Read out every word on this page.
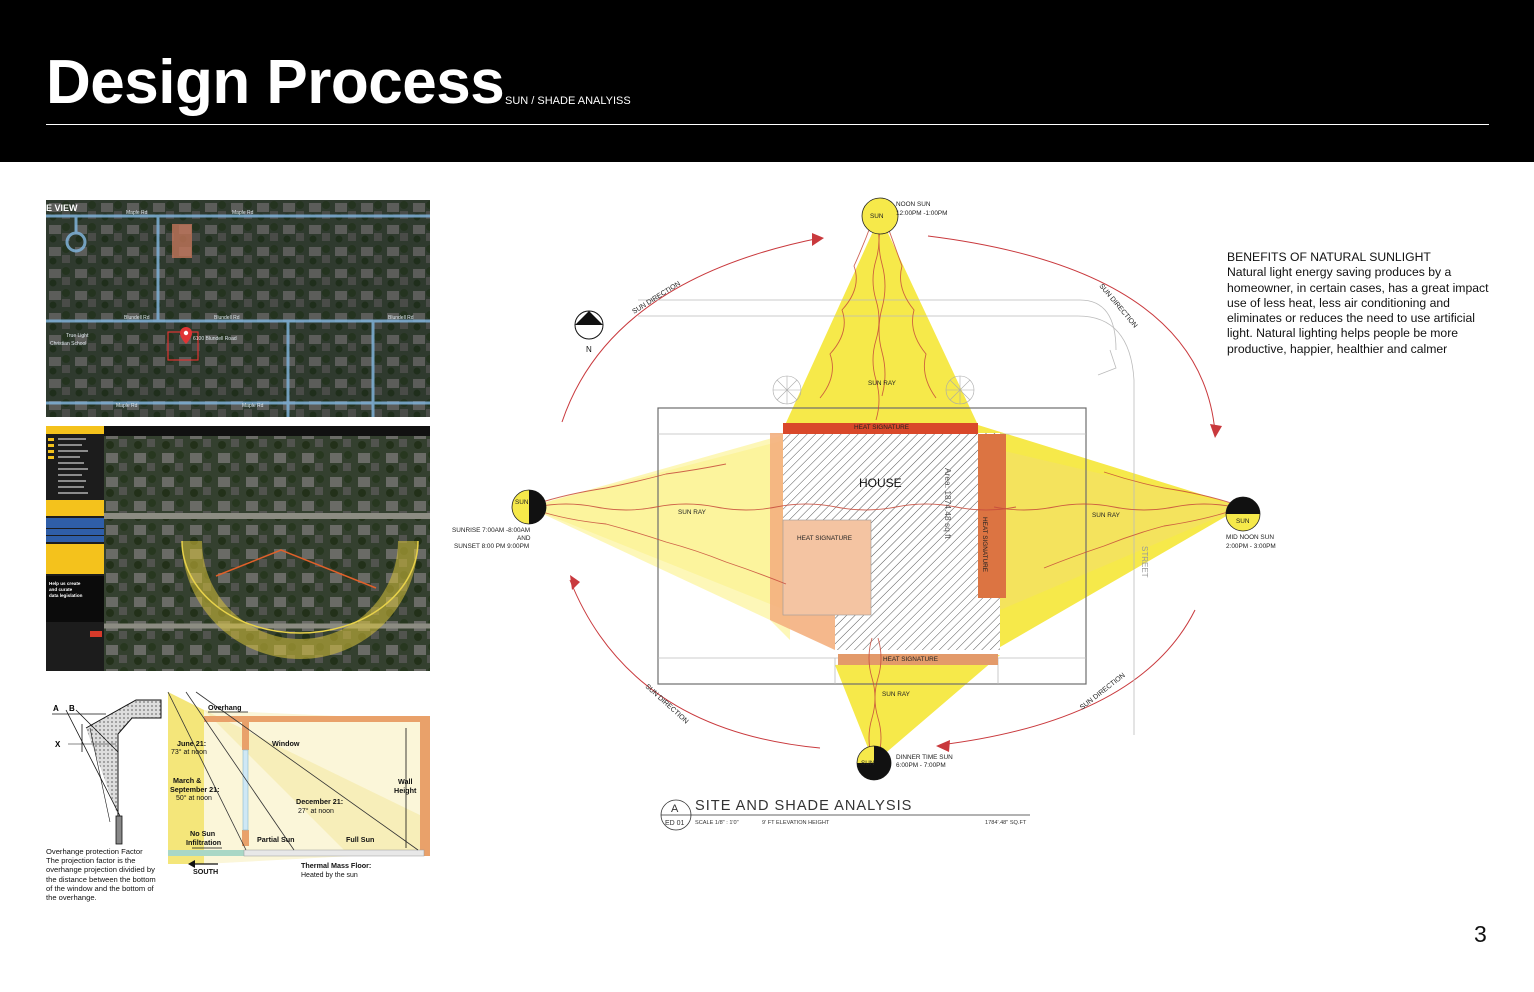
Design Process SUN / SHADE ANALYISS
E VIEW
True Light
Christian School
6100 Blundell Road
Blundell Rd	Blundell Rd	Blundell Rd
Maple Rd	Maple Rd
Maple Rd	Maple Rd
Help us create
and curate
data legislation
A B
X
Overhang
Window
June 21:
March &
September 21:
December 21:
Wall
Height
No Sun
Infiltration	Partial Sun	Full Sun
SOUTH
Thermal Mass Floor:
73° at noon
50° at noon
27° at noon
Heated by the sun
Overhange protection Factor The projection factor is the overhange projection dividied by the distance between the bottom of the window and the bottom of the overhange.
SUN
SUN
SUN
SUN
N
NOON SUN
12:00PM -1:00PM
SUNRISE 7:00AM -8:00AM
AND
SUNSET 8:00 PM 9:00PM
MID NOON SUN
2:00PM - 3:00PM
DINNER TIME SUN
6:00PM - 7:00PM
SUN RAY
SUN RAY	SUN RAY
SUN RAY
HEAT SIGNATURE
HEAT SIGNATURE
HEAT SIGNATURE
HEAT SIGNATURE
HOUSE	Area: 1874.48 sq ft
STREET
SUN DIRECTION	SUN DIRECTION
SUN DIRECTION	SUN DIRECTION
A
ED 01
SITE AND SHADE ANALYSIS
SCALE 1/8" : 1'0"	9' FT ELEVATION HEIGHT	1784'.48" SQ.FT
BENEFITS OF NATURAL SUNLIGHT
Natural light energy saving produces by a homeowner, in certain cases, has a great impact use of less heat, less air conditioning and eliminates or reduces the need to use artificial light. Natural lighting helps people be more productive, happier, healthier and calmer
3
